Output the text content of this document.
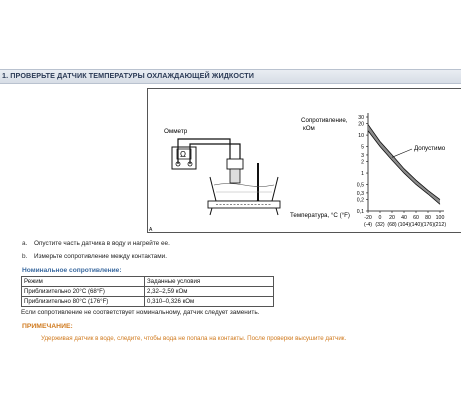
1. ПРОВЕРЬТЕ ДАТЧИК ТЕМПЕРАТУРЫ ОХЛАЖДАЮЩЕЙ ЖИДКОСТИ
Ω
Омметр
A
Сопротивление,
кОм
Температура, °C (°F)
30
20
10
5
3
2
1
0,5
0,3
0,2
0,1
-20
(-4)
0
(32)
20
(68)
40
(104)
60
(140)
80
(176)
100
(212)
Допустимо
a. Опустите часть датчика в воду и нагрейте ее.
b. Измерьте сопротивление между контактами.
Номинальное сопротивление:
Режим	Заданные условия
Приблизительно 20°C (68°F)	2,32–2,59 кОм
Приблизительно 80°C (176°F)	0,310–0,326 кОм
Если сопротивление не соответствует номинальному, датчик следует заменить.
ПРИМЕЧАНИЕ:
Удерживая датчик в воде, следите, чтобы вода не попала на контакты. После проверки высушите датчик.
